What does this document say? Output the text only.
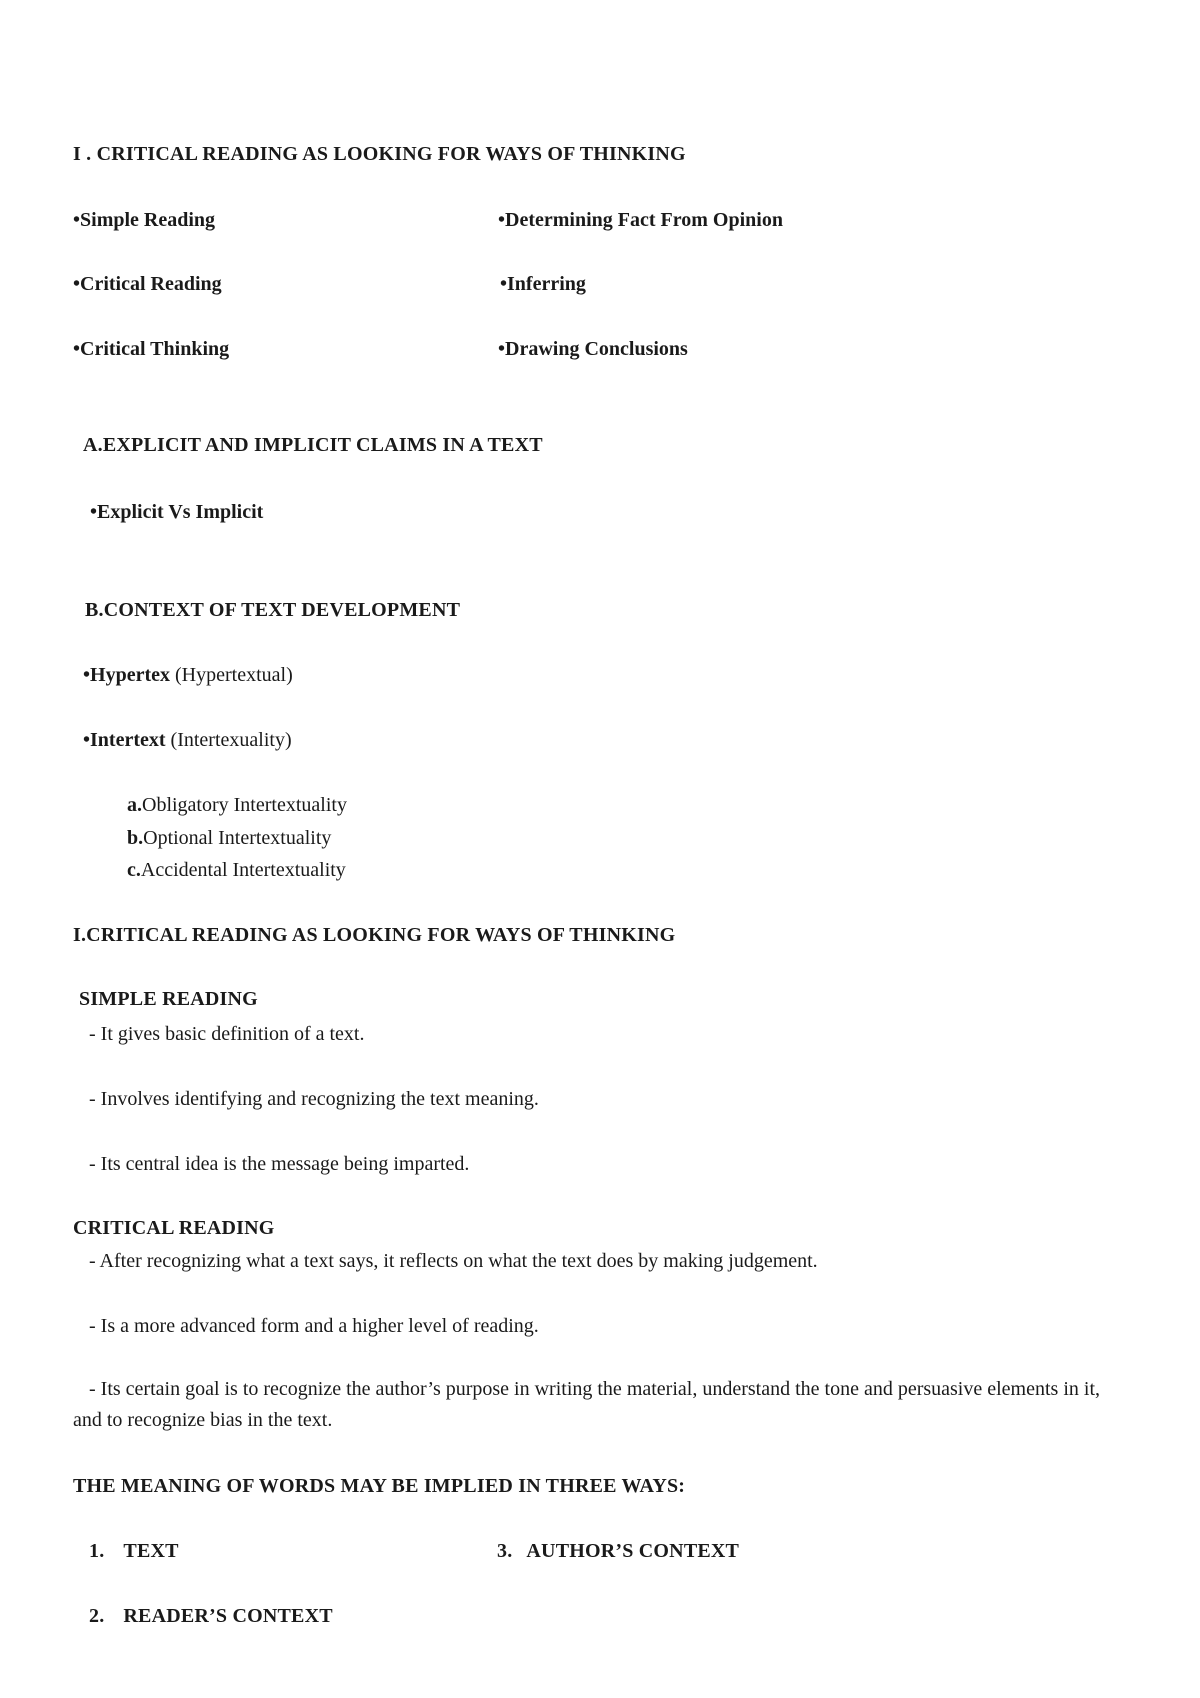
I . CRITICAL READING AS LOOKING FOR WAYS OF THINKING
•Simple Reading	•Determining Fact From Opinion
•Critical Reading	•Inferring
•Critical Thinking	•Drawing Conclusions
A.EXPLICIT AND IMPLICIT CLAIMS IN A TEXT
•Explicit Vs Implicit
B.CONTEXT OF TEXT DEVELOPMENT
•Hypertex (Hypertextual)
•Intertext (Intertexuality)
a.Obligatory Intertextuality
b.Optional Intertextuality
c.Accidental Intertextuality
I.CRITICAL READING AS LOOKING FOR WAYS OF THINKING
SIMPLE READING
- It gives basic definition of a text.
- Involves identifying and recognizing the text meaning.
- Its central idea is the message being imparted.
CRITICAL READING
- After recognizing what a text says, it reflects on what the text does by making judgement.
- Is a more advanced form and a higher level of reading.
- Its certain goal is to recognize the author’s purpose in writing the material, understand the tone and persuasive elements in it, and to recognize bias in the text.
THE MEANING OF WORDS MAY BE IMPLIED IN THREE WAYS:
1. TEXT	3. AUTHOR’S CONTEXT
2. READER’S CONTEXT
